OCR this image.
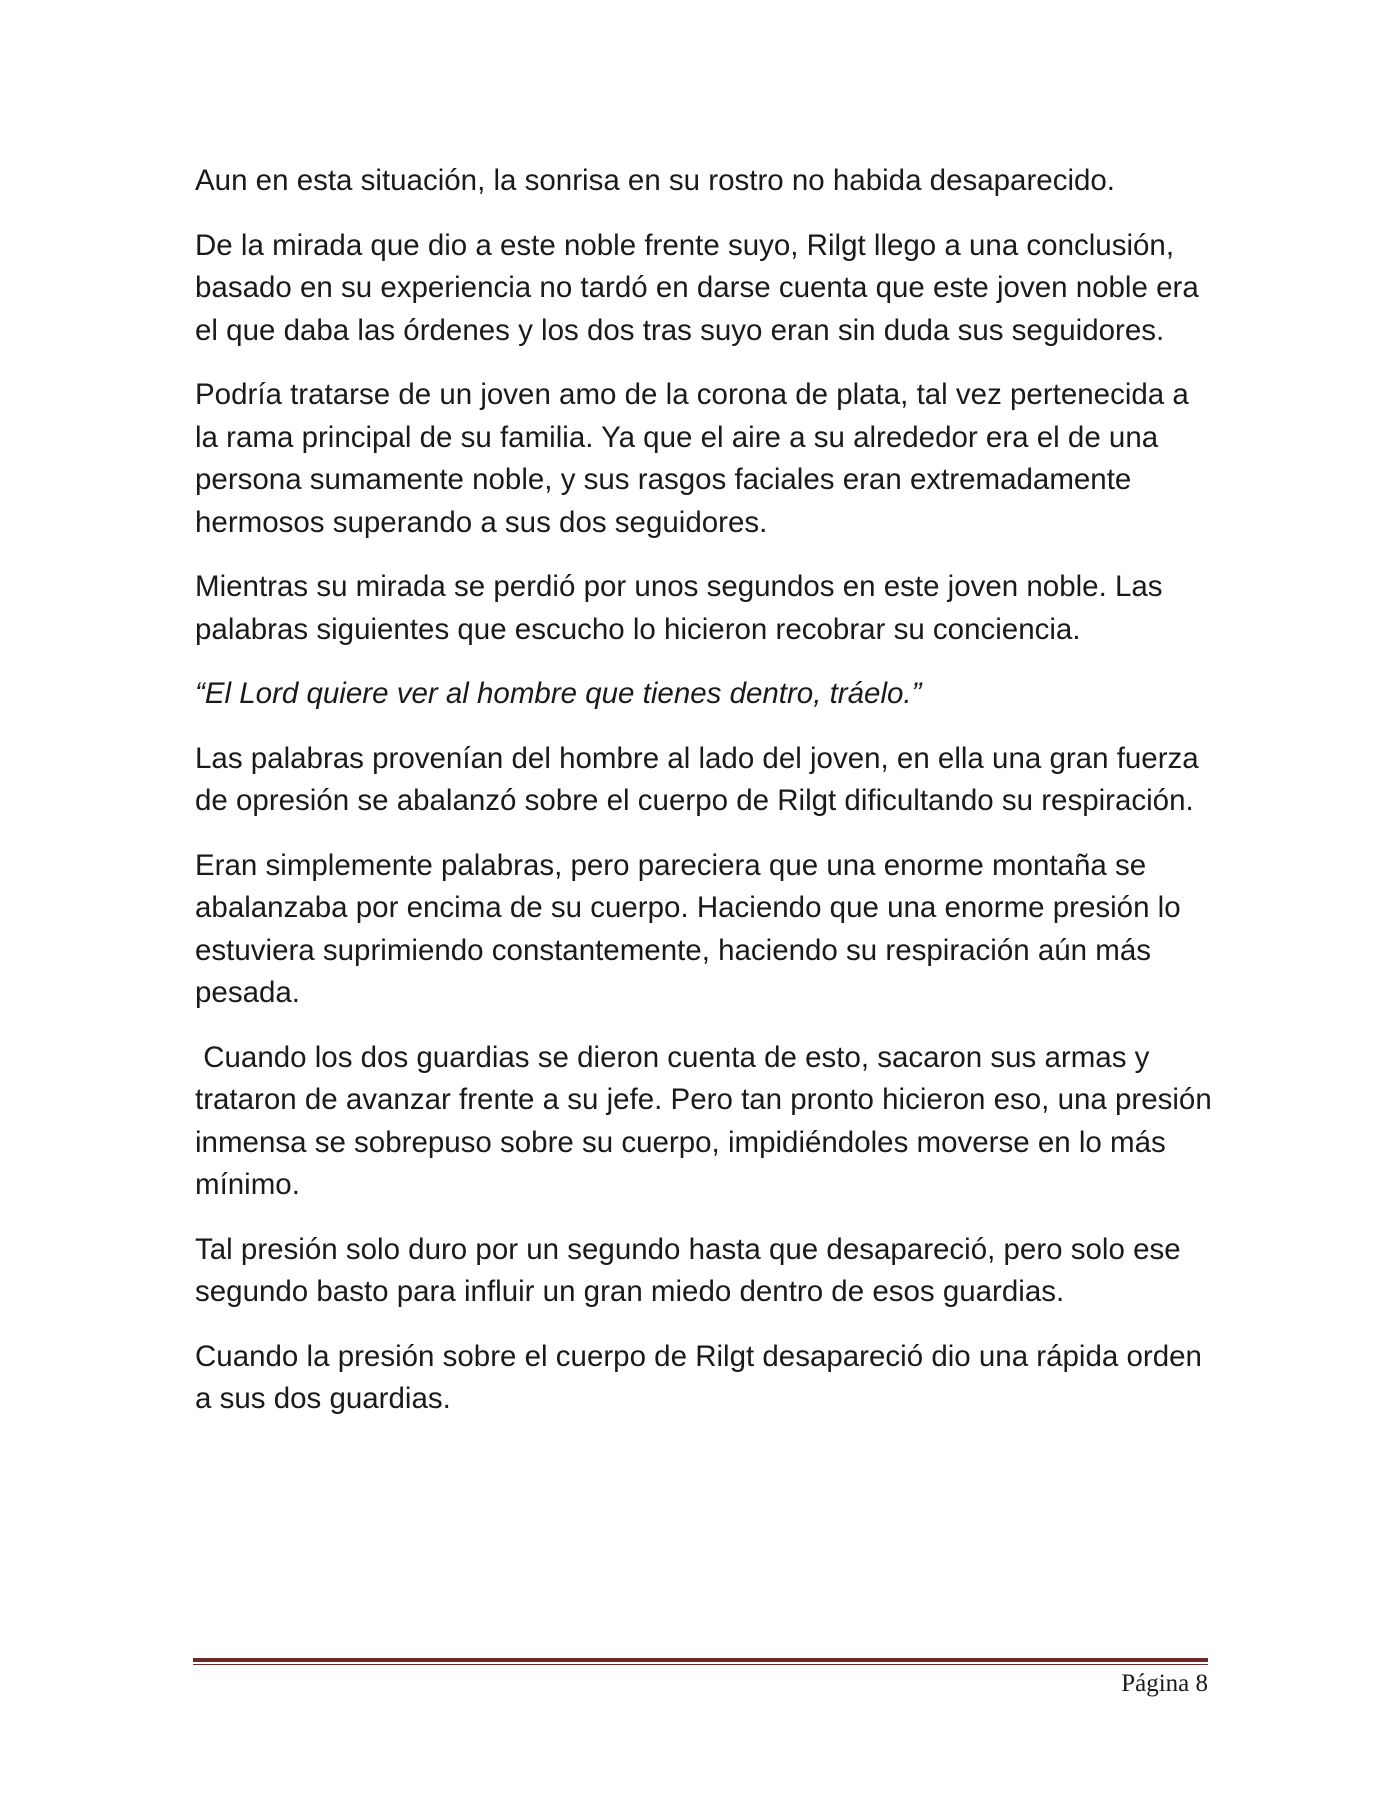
Aun en esta situación, la sonrisa en su rostro no habida desaparecido.

De la mirada que dio a este noble frente suyo, Rilgt llego a una conclusión, basado en su experiencia no tardó en darse cuenta que este joven noble era el que daba las órdenes y los dos tras suyo eran sin duda sus seguidores.

Podría tratarse de un joven amo de la corona de plata, tal vez pertenecida a la rama principal de su familia. Ya que el aire a su alrededor era el de una persona sumamente noble, y sus rasgos faciales eran extremadamente hermosos superando a sus dos seguidores.

Mientras su mirada se perdió por unos segundos en este joven noble. Las palabras siguientes que escucho lo hicieron recobrar su conciencia.

“El Lord quiere ver al hombre que tienes dentro, tráelo.”

Las palabras provenían del hombre al lado del joven, en ella una gran fuerza de opresión se abalanzó sobre el cuerpo de Rilgt dificultando su respiración.

Eran simplemente palabras, pero pareciera que una enorme montaña se abalanzaba por encima de su cuerpo. Haciendo que una enorme presión lo estuviera suprimiendo constantemente, haciendo su respiración aún más pesada.

Cuando los dos guardias se dieron cuenta de esto, sacaron sus armas y trataron de avanzar frente a su jefe. Pero tan pronto hicieron eso, una presión inmensa se sobrepuso sobre su cuerpo, impidiéndoles moverse en lo más mínimo.

Tal presión solo duro por un segundo hasta que desapareció, pero solo ese segundo basto para influir un gran miedo dentro de esos guardias.

Cuando la presión sobre el cuerpo de Rilgt desapareció dio una rápida orden a sus dos guardias.

Página 8
